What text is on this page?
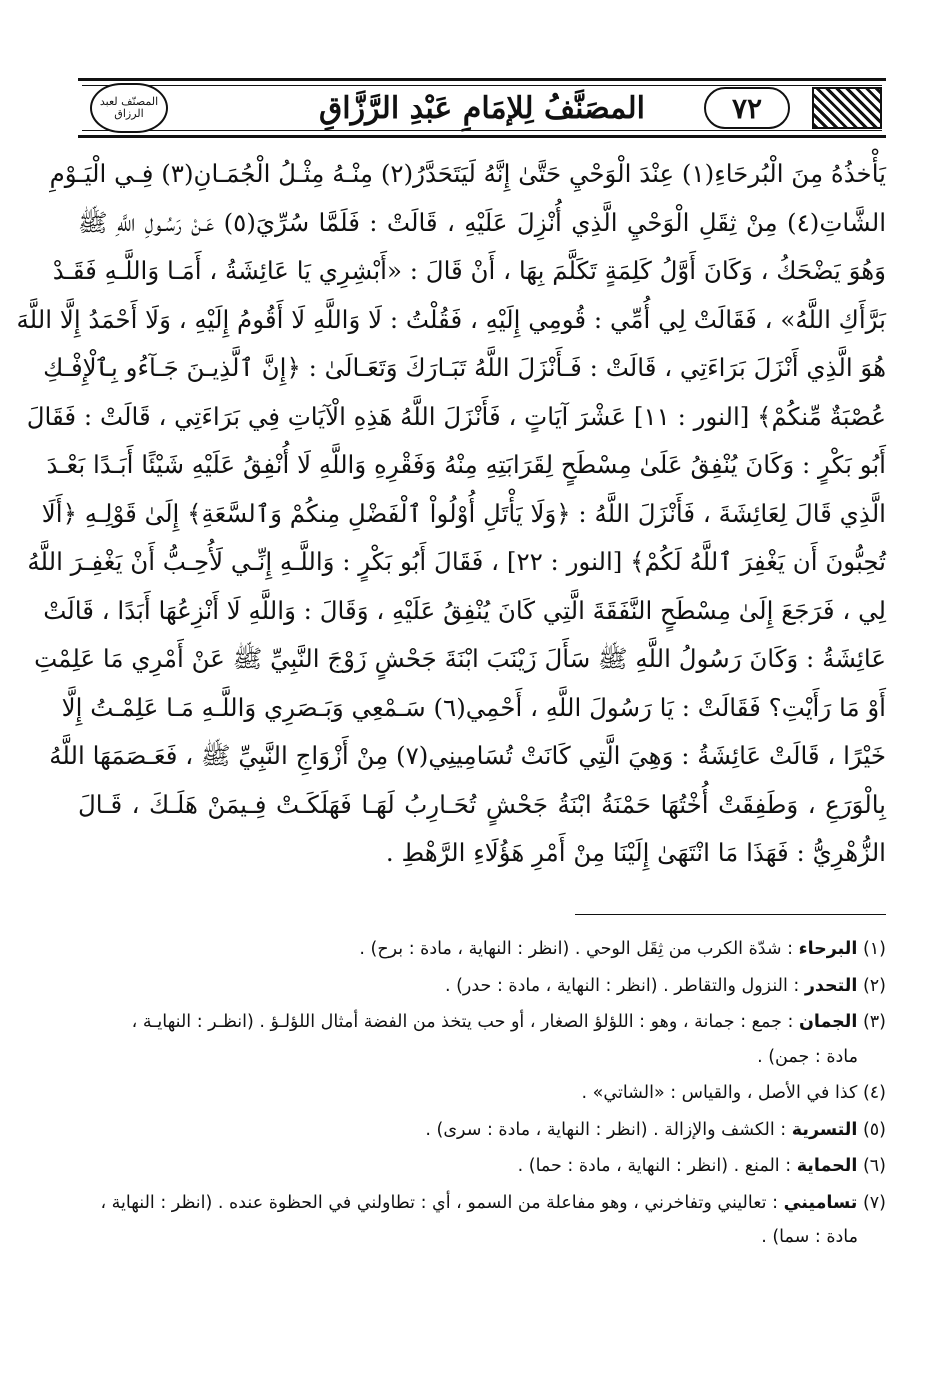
المصنّف لعبد الرزاق	المصَنَّفُ لِلإمَامِ عَبْدِ الرَّزَّاقِ	٧٢
يَأْخذُهُ مِنَ الْبُرحَاءِ(١) عِنْدَ الْوَحْيِ حَتَّىٰ إِنَّهُ لَيَتَحَدَّرُ(٢) مِنْـهُ مِثْـلُ الْجُمَـانِ(٣) فِـي الْيَـوْمِ
الشَّاتِ(٤) مِنْ ثِقَلِ الْوَحْيِ الَّذِي أُنْزِلَ عَلَيْهِ ، قَالَتْ : فَلَمَّا سُرِّيَ(٥) عَـنْ رَسُـولِ اللَّهِ ﷺ
وَهُوَ يَضْحَكُ ، وَكَانَ أَوَّلُ كَلِمَةٍ تَكَلَّمَ بِهَا ، أَنْ قَالَ : «أَبْشِرِي يَا عَائِشَةُ ، أَمَـا وَاللَّـهِ فَقَـدْ
بَرَّأَكِ اللَّهُ» ، فَقَالَتْ لِي أُمِّي : قُومِي إِلَيْهِ ، فَقُلْتُ : لَا وَاللَّهِ لَا أَقُومُ إِلَيْهِ ، وَلَا أَحْمَدُ إِلَّا اللَّهَ
هُوَ الَّذِي أَنْزَلَ بَرَاءَتِي ، قَالَتْ : فَـأَنْزَلَ اللَّهُ تَبَـارَكَ وَتَعَـالَىٰ : ﴿إِنَّ ٱلَّذِيـنَ جَـآءُو بِٱلْإِفْـكِ
عُصْبَةٌ مِّنكُمْ﴾ [النور : ١١] عَشْرَ آيَاتٍ ، فَأَنْزَلَ اللَّهُ هَذِهِ الْآيَاتِ فِي بَرَاءَتِي ، قَالَتْ : فَقَالَ
أَبُو بَكْرٍ : وَكَانَ يُنْفِقُ عَلَىٰ مِسْطَحٍ لِقَرَابَتِهِ مِنْهُ وَفَقْرِهِ وَاللَّهِ لَا أُنْفِقُ عَلَيْهِ شَيْئًا أَبَـدًا بَعْـدَ
الَّذِي قَالَ لِعَائِشَةَ ، فَأَنْزَلَ اللَّهُ : ﴿وَلَا يَأْتَلِ أُوْلُواْ ٱلْفَضْلِ مِنكُمْ وَٱلسَّعَةِ﴾ إِلَىٰ قَوْلِـهِ ﴿أَلَا
تُحِبُّونَ أَن يَغْفِرَ ٱللَّهُ لَكُمْ﴾ [النور : ٢٢] ، فَقَالَ أَبُو بَكْرٍ : وَاللَّـهِ إِنِّـي لَأُحِـبُّ أَنْ يَغْفِـرَ اللَّهُ
لِي ، فَرَجَعَ إِلَىٰ مِسْطَحٍ النَّفَقَةَ الَّتِي كَانَ يُنْفِقُ عَلَيْهِ ، وَقَالَ : وَاللَّهِ لَا أَنْزِعُهَا أَبَدًا ، قَالَتْ
عَائِشَةُ : وَكَانَ رَسُولُ اللَّهِ ﷺ سَأَلَ زَيْنَبَ ابْنَةَ جَحْشٍ زَوْجَ النَّبِيِّ ﷺ عَنْ أَمْرِي مَا عَلِمْتِ
أَوْ مَا رَأَيْتِ؟ فَقَالَتْ : يَا رَسُولَ اللَّهِ ، أَحْمِي(٦) سَـمْعِي وَبَـصَرِي وَاللَّـهِ مَـا عَلِمْـتُ إِلَّا
خَيْرًا ، قَالَتْ عَائِشَةُ : وَهِيَ الَّتِي كَانَتْ تُسَامِينِي(٧) مِنْ أَزْوَاجِ النَّبِيِّ ﷺ ، فَعَـصَمَهَا اللَّهُ
بِالْوَرَعِ ، وَطَفِقَتْ أُخْتُهَا حَمْنَةُ ابْنَةُ جَحْشٍ تُحَـارِبُ لَهَـا فَهَلَكَـتْ فِـيمَنْ هَلَـكَ ، قَـالَ
الزُّهْرِيُّ : فَهَذَا مَا انْتَهَىٰ إِلَيْنَا مِنْ أَمْرِ هَؤُلَاءِ الرَّهْطِ .
(١) البرحاء : شدّة الكرب من ثِقَل الوحي . (انظر : النهاية ، مادة : برح) .
(٢) التحدر : النزول والتقاطر . (انظر : النهاية ، مادة : حدر) .
(٣) الجمان : جمع : جمانة ، وهو : اللؤلؤ الصغار ، أو حب يتخذ من الفضة أمثال اللؤلـؤ . (انظـر : النهايـة ،
مادة : جمن) .
(٤) كذا في الأصل ، والقياس : «الشاتي» .
(٥) التسرية : الكشف والإزالة . (انظر : النهاية ، مادة : سرى) .
(٦) الحماية : المنع . (انظر : النهاية ، مادة : حما) .
(٧) تساميني : تعاليني وتفاخرني ، وهو مفاعلة من السمو ، أي : تطاولني في الحظوة عنده . (انظر : النهاية ،
مادة : سما) .
